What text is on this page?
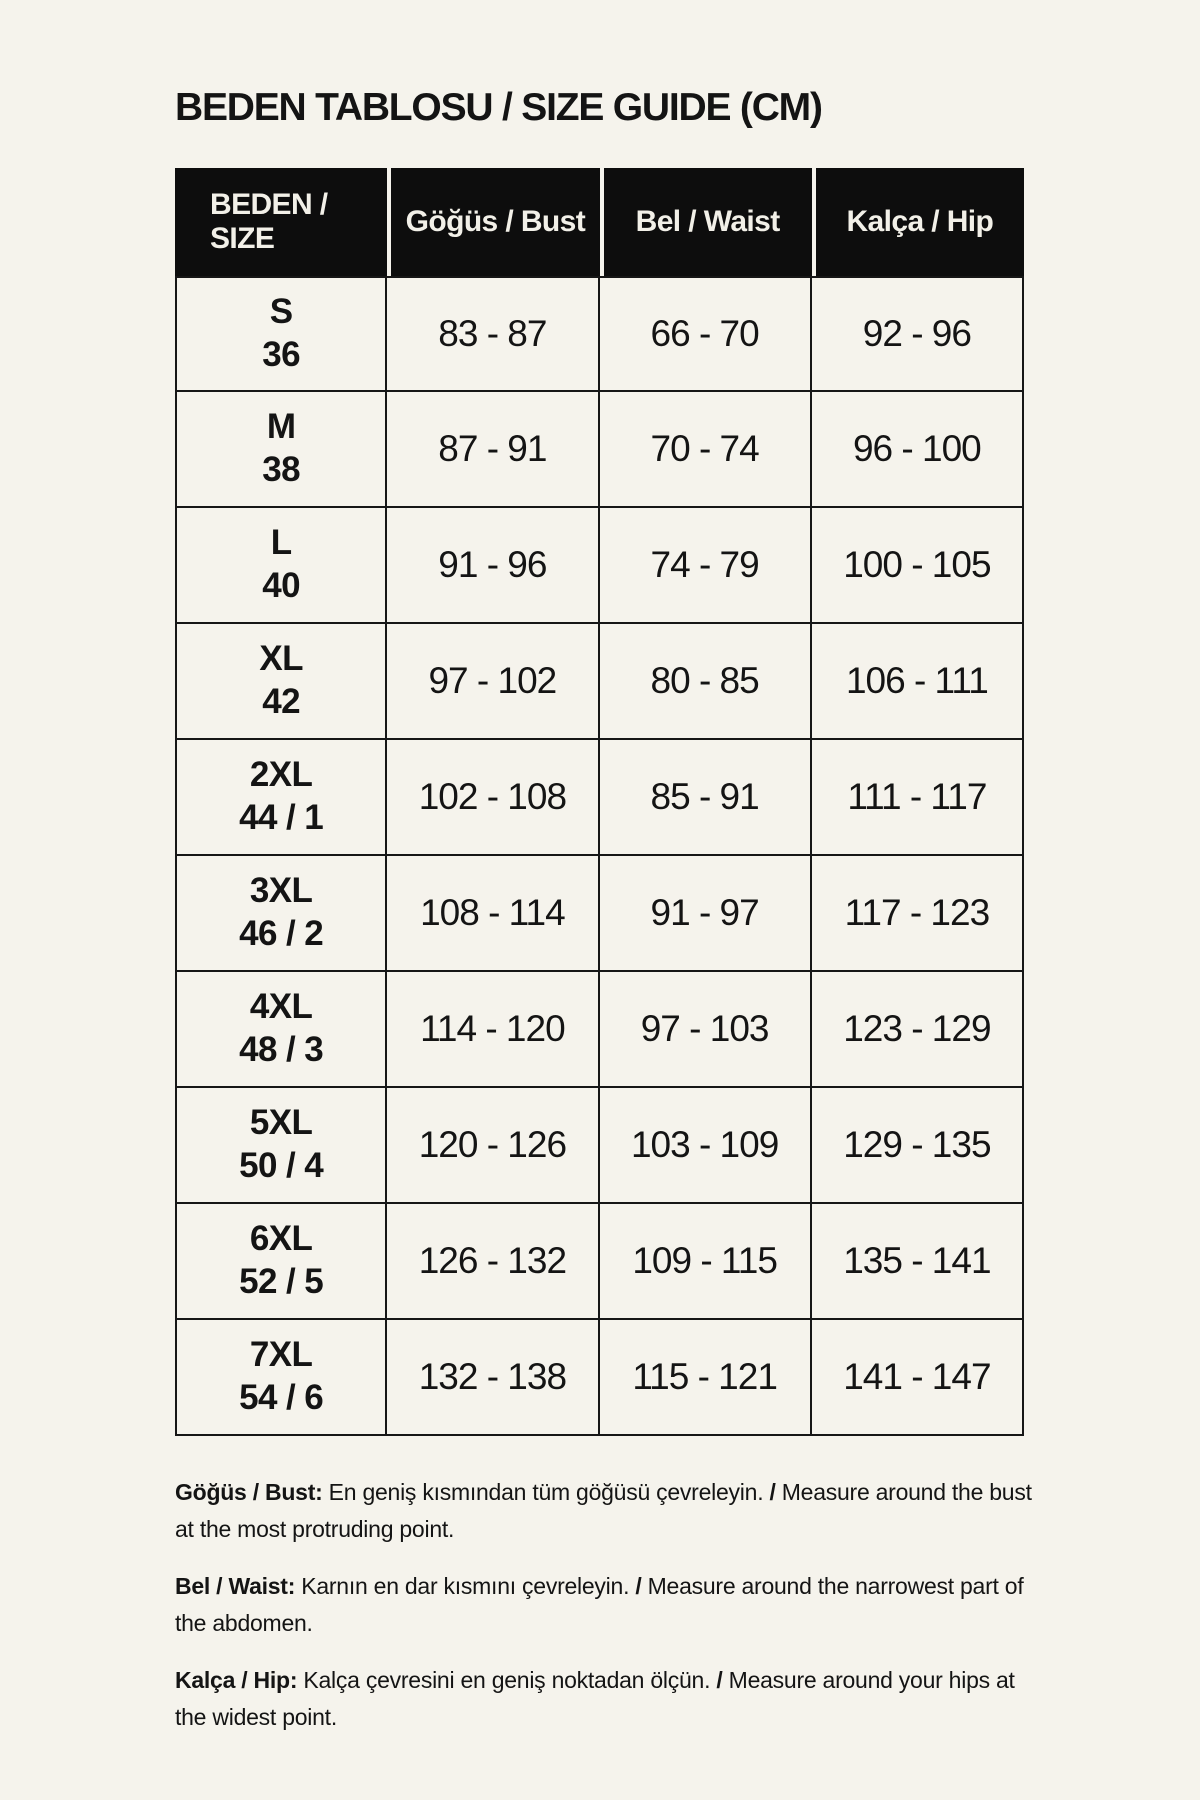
BEDEN TABLOSU / SIZE GUIDE (CM)
BEDEN /
SIZE	Göğüs / Bust	Bel / Waist	Kalça / Hip

S
36	83 - 87	66 - 70	92 - 96

M
38	87 - 91	70 - 74	96 - 100

L
40	91 - 96	74 - 79	100 - 105

XL
42	97 - 102	80 - 85	106 - 111

2XL
44 / 1	102 - 108	85 - 91	111 - 117

3XL
46 / 2	108 - 114	91 - 97	117 - 123

4XL
48 / 3	114 - 120	97 - 103	123 - 129

5XL
50 / 4	120 - 126	103 - 109	129 - 135

6XL
52 / 5	126 - 132	109 - 115	135 - 141

7XL
54 / 6	132 - 138	115 - 121	141 - 147

Göğüs / Bust: En geniş kısmından tüm göğüsü çevreleyin. / Measure around the bust at the most protruding point.

Bel / Waist: Karnın en dar kısmını çevreleyin. / Measure around the narrowest part of the abdomen.

Kalça / Hip: Kalça çevresini en geniş noktadan ölçün. / Measure around your hips at the widest point.
